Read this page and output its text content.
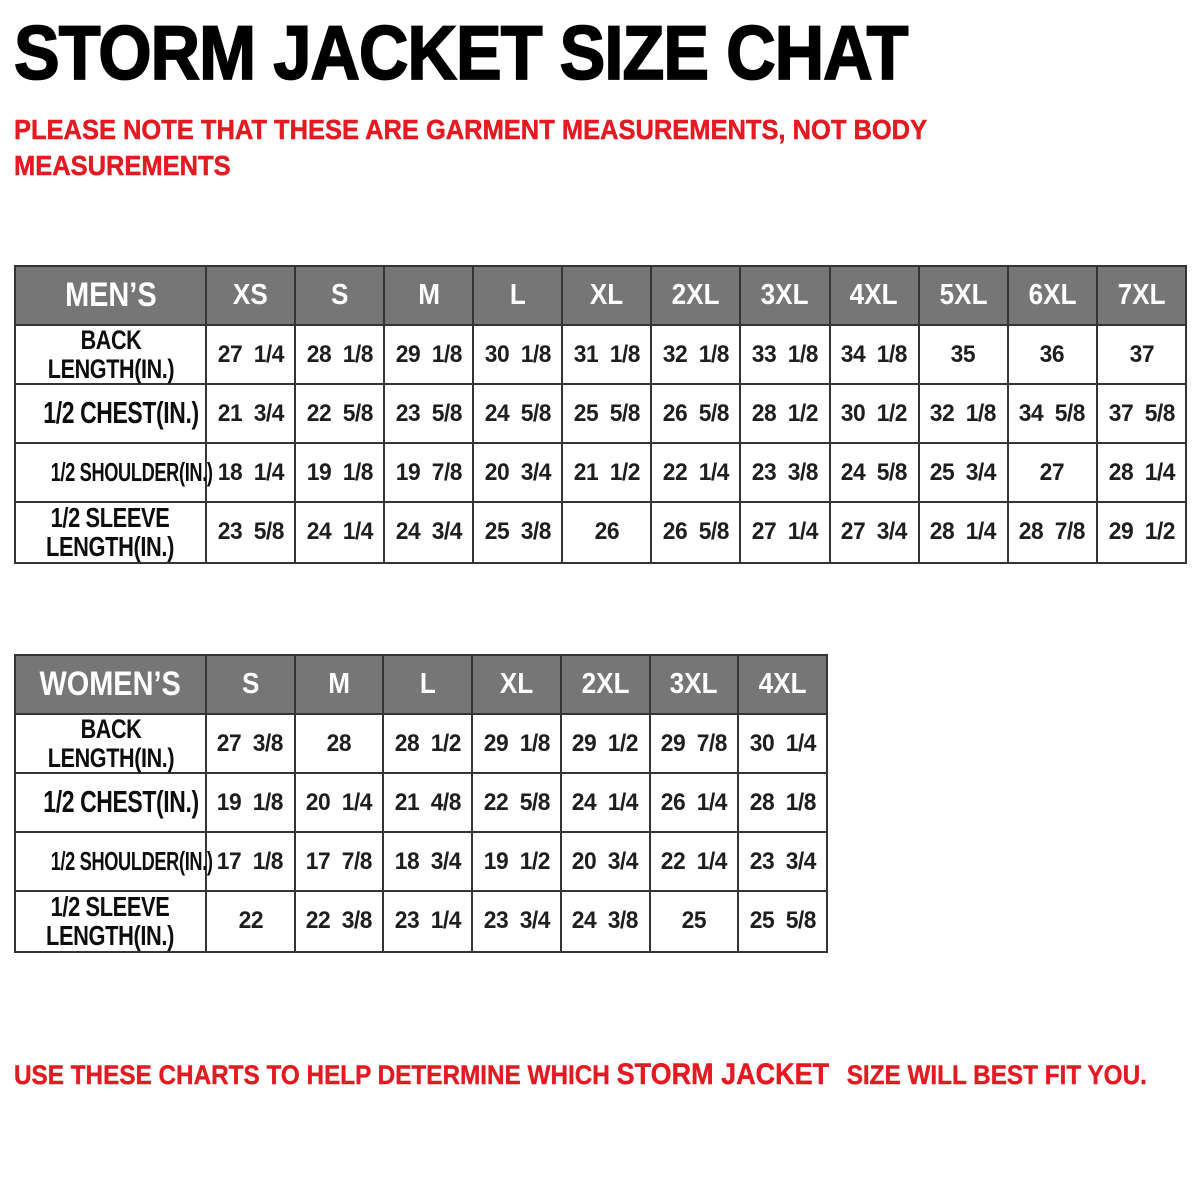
STORM JACKET SIZE CHAT
PLEASE NOTE THAT THESE ARE GARMENT MEASUREMENTS, NOT BODY MEASUREMENTS
MEN’S	XS	S	M	L	XL	2XL	3XL	4XL	5XL	6XL	7XL
BACK
LENGTH(IN.)	27 1/4	28 1/8	29 1/8	30 1/8	31 1/8	32 1/8	33 1/8	34 1/8	35	36	37
1/2 CHEST(IN.)	21 3/4	22 5/8	23 5/8	24 5/8	25 5/8	26 5/8	28 1/2	30 1/2	32 1/8	34 5/8	37 5/8
1/2 SHOULDER(IN.)	18 1/4	19 1/8	19 7/8	20 3/4	21 1/2	22 1/4	23 3/8	24 5/8	25 3/4	27	28 1/4
1/2 SLEEVE
LENGTH(IN.)	23 5/8	24 1/4	24 3/4	25 3/8	26	26 5/8	27 1/4	27 3/4	28 1/4	28 7/8	29 1/2
WOMEN’S	S	M	L	XL	2XL	3XL	4XL
BACK
LENGTH(IN.)	27 3/8	28	28 1/2	29 1/8	29 1/2	29 7/8	30 1/4
1/2 CHEST(IN.)	19 1/8	20 1/4	21 4/8	22 5/8	24 1/4	26 1/4	28 1/8
1/2 SHOULDER(IN.)	17 1/8	17 7/8	18 3/4	19 1/2	20 3/4	22 1/4	23 3/4
1/2 SLEEVE
LENGTH(IN.)	22	22 3/8	23 1/4	23 3/4	24 3/8	25	25 5/8
USE THESE CHARTS TO HELP DETERMINE WHICH STORM JACKET SIZE WILL BEST FIT YOU.
